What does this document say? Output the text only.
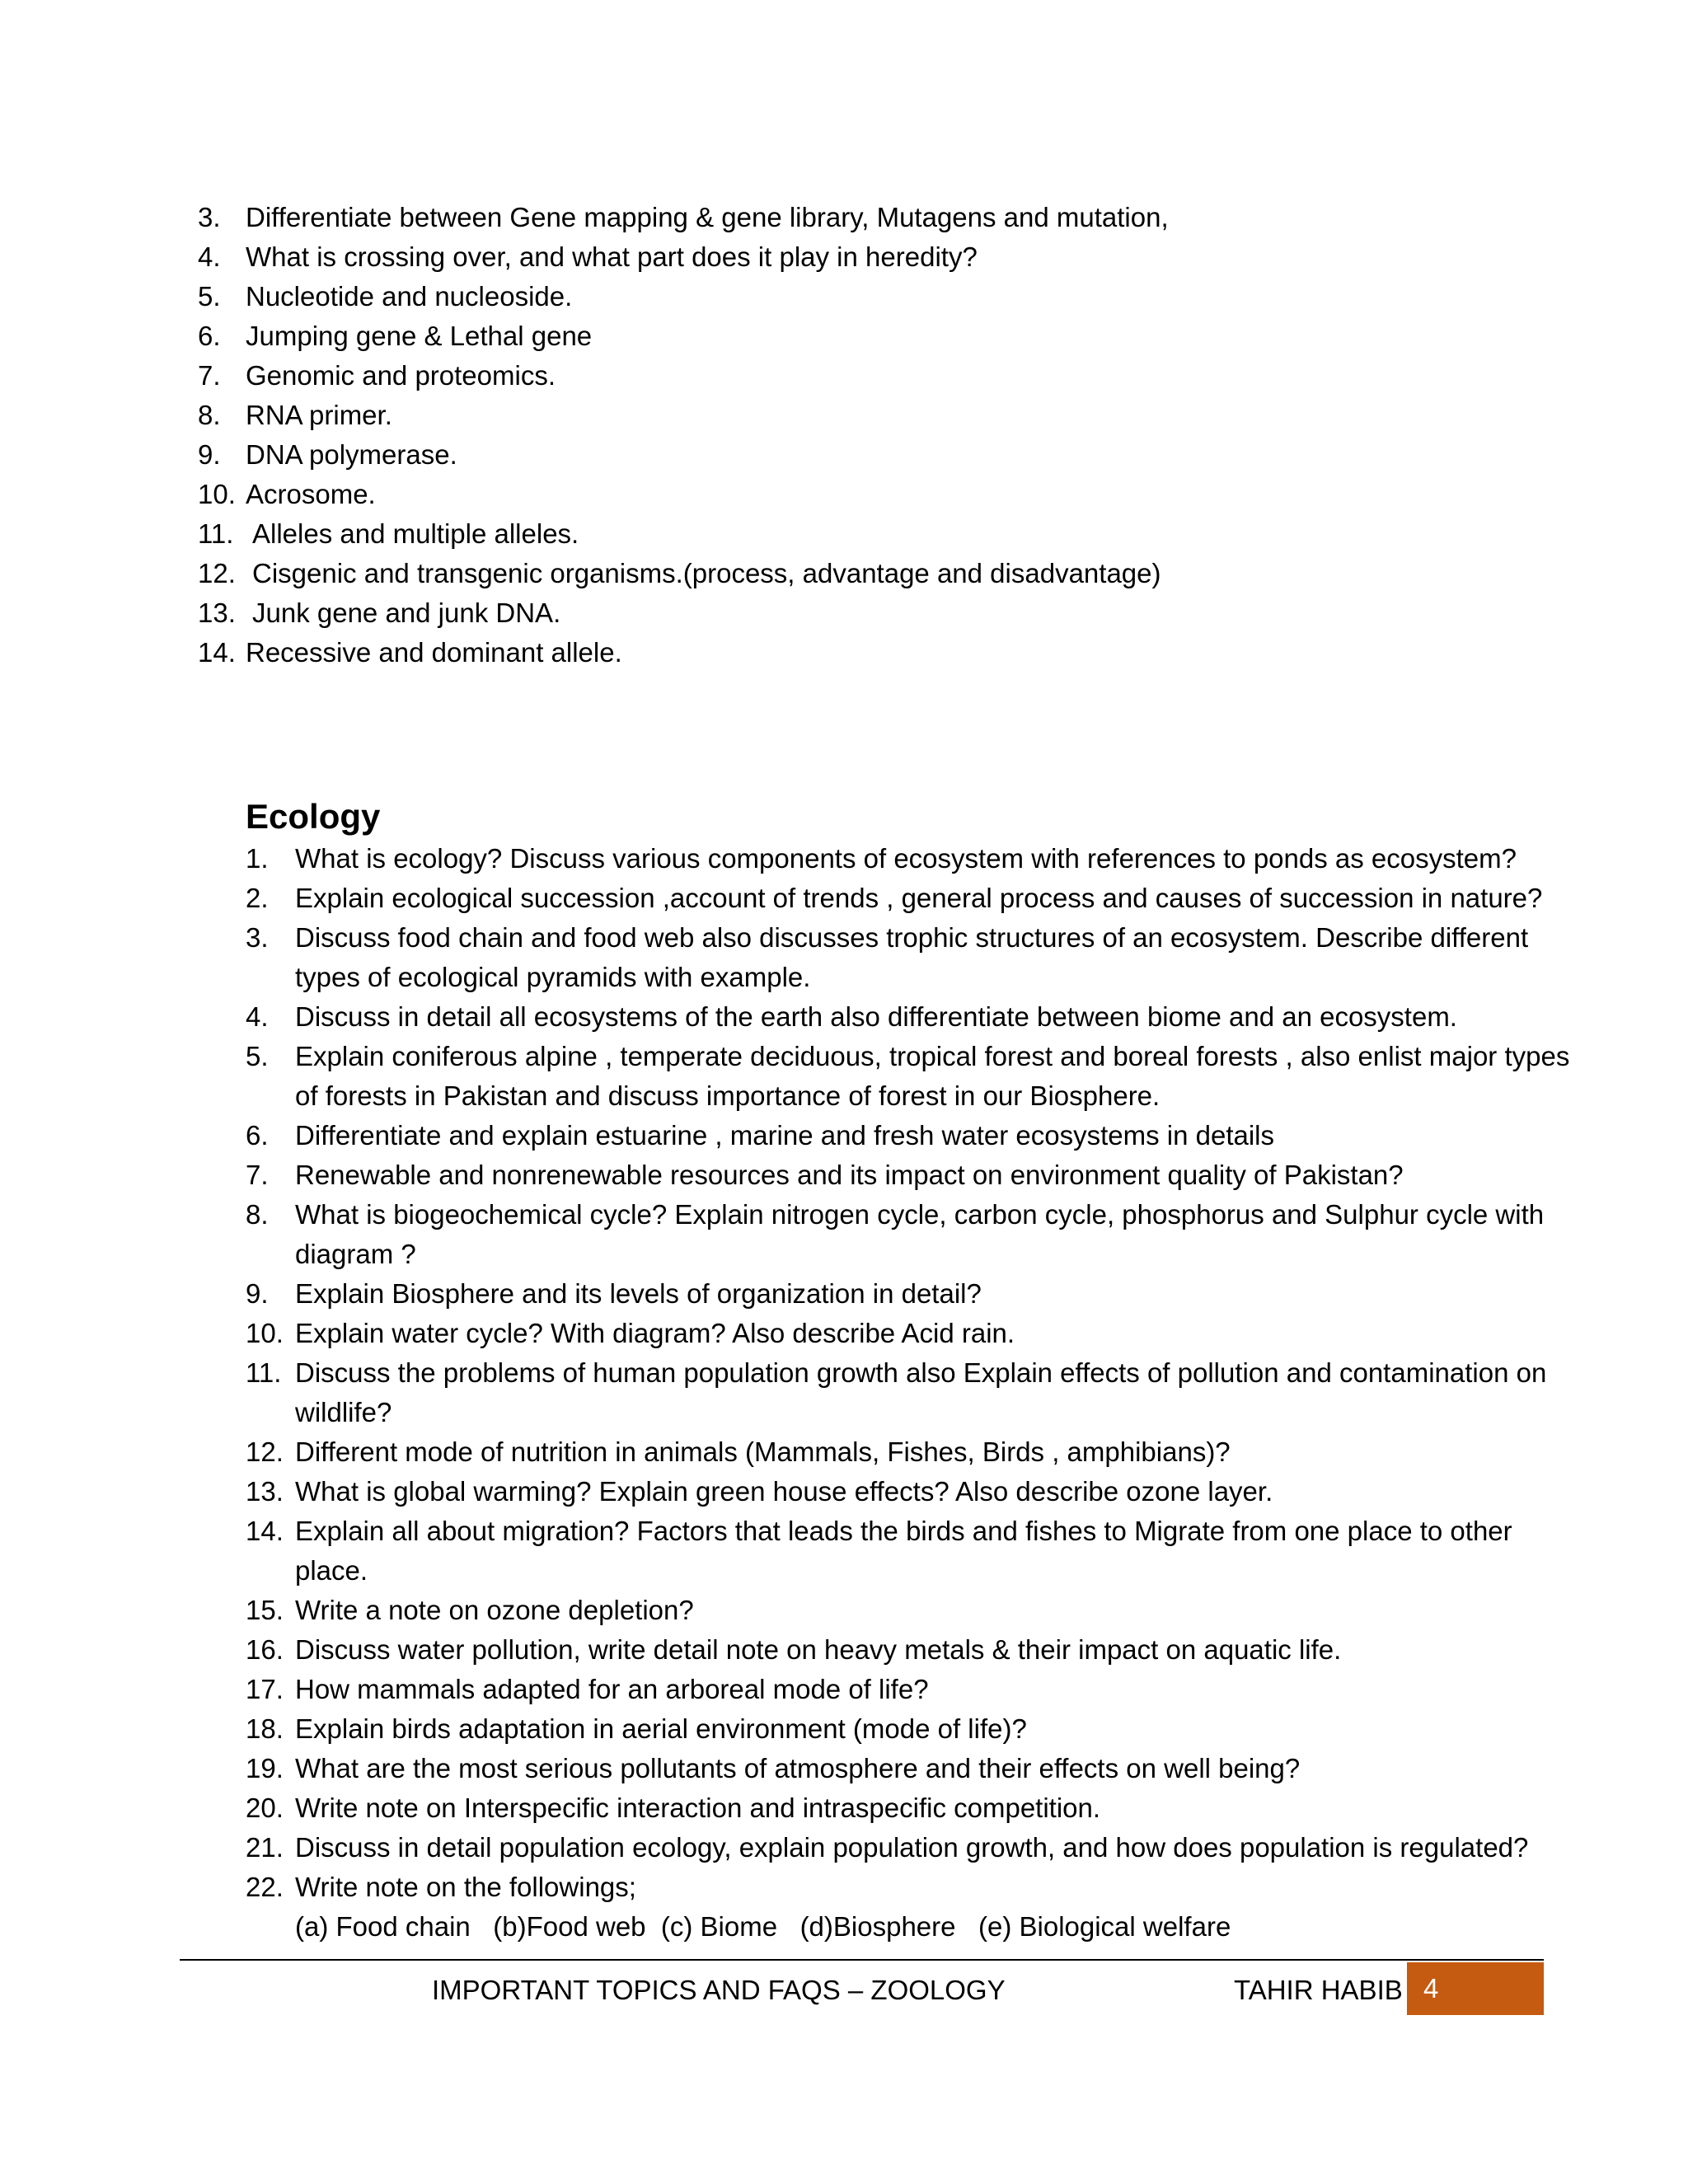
3. Differentiate between Gene mapping & gene library, Mutagens and mutation,
4. What is crossing over, and what part does it play in heredity?
5. Nucleotide and nucleoside.
6. Jumping gene & Lethal gene
7. Genomic and proteomics.
8. RNA primer.
9. DNA polymerase.
10. Acrosome.
11. Alleles and multiple alleles.
12. Cisgenic and transgenic organisms.(process, advantage and disadvantage)
13. Junk gene and junk DNA.
14. Recessive and dominant allele.
Ecology
1. What is ecology? Discuss various components of ecosystem with references to ponds as ecosystem?
2. Explain ecological succession ,account of trends , general process and causes of succession in nature?
3. Discuss food chain and food web also discusses trophic structures of an ecosystem. Describe different types of ecological pyramids with example.
4. Discuss in detail all ecosystems of the earth also differentiate between biome and an ecosystem.
5. Explain coniferous alpine , temperate deciduous, tropical forest and boreal forests , also enlist major types of forests in Pakistan and discuss importance of forest in our Biosphere.
6. Differentiate and explain estuarine , marine and fresh water ecosystems in details
7. Renewable and nonrenewable resources and its impact on environment quality of Pakistan?
8. What is biogeochemical cycle? Explain nitrogen cycle, carbon cycle, phosphorus and Sulphur cycle with diagram ?
9. Explain Biosphere and its levels of organization in detail?
10. Explain water cycle? With diagram? Also describe Acid rain.
11. Discuss the problems of human population growth also Explain effects of pollution and contamination on wildlife?
12. Different mode of nutrition in animals (Mammals, Fishes, Birds , amphibians)?
13. What is global warming? Explain green house effects? Also describe ozone layer.
14. Explain all about migration? Factors that leads the birds and fishes to Migrate from one place to other place.
15. Write a note on ozone depletion?
16. Discuss water pollution, write detail note on heavy metals & their impact on aquatic life.
17. How mammals adapted for an arboreal mode of life?
18. Explain birds adaptation in aerial environment (mode of life)?
19. What are the most serious pollutants of atmosphere and their effects on well being?
20. Write note on Interspecific interaction and intraspecific competition.
21. Discuss in detail population ecology, explain population growth, and how does population is regulated?
22. Write note on the followings;
(a) Food chain   (b)Food web  (c) Biome   (d)Biosphere   (e) Biological welfare
IMPORTANT TOPICS AND FAQS – ZOOLOGY	TAHIR HABIB 4
